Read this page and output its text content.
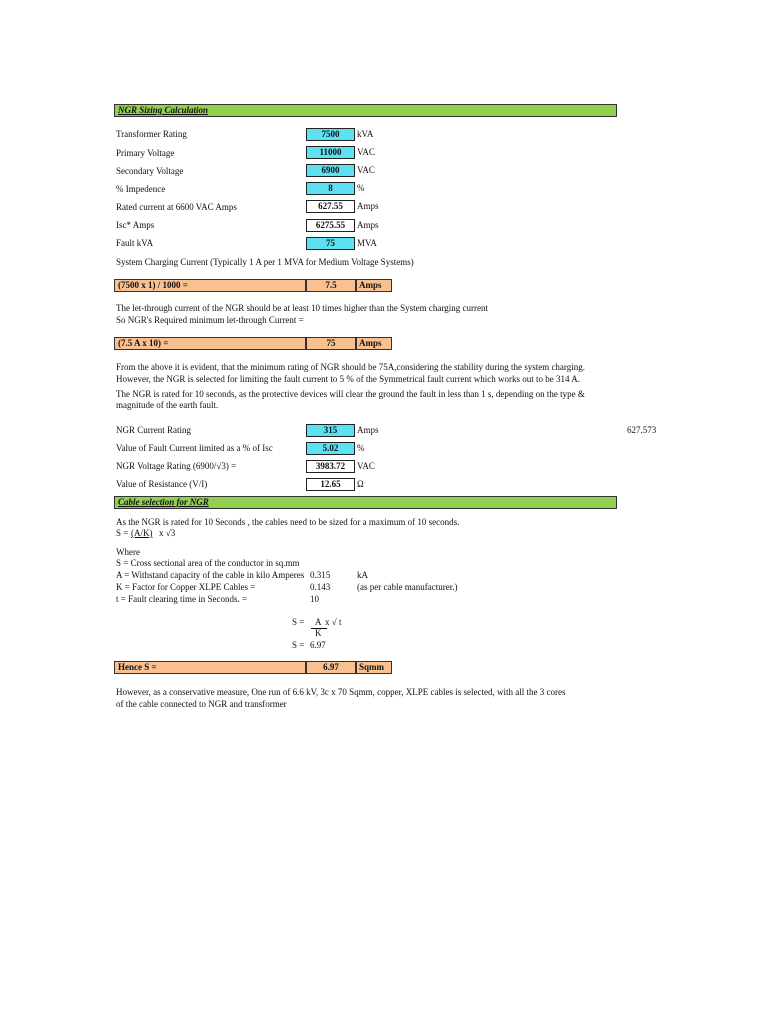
NGR Sizing Calculation
Transformer Rating	7500	kVA
Primary Voltage	11000	VAC
Secondary Voltage	6900	VAC
% Impedence	8	%
Rated current at 6600 VAC Amps	627.55	Amps
Isc* Amps	6275.55	Amps
Fault kVA	75	MVA
System Charging Current (Typically 1 A per 1 MVA for Medium Voltage Systems)
(7500 x 1) / 1000 =	7.5	Amps
The let-through current of the NGR should be at least 10 times higher than the System charging current
So NGR's Required minimum let-through Current =
(7.5 A x 10) =	75	Amps
From the above it is evident, that the minimum rating of NGR should be 75A,considering the stability during the system charging.
However, the NGR is selected for limiting the fault current to 5 % of the Symmetrical fault current which works out to be 314 A.
The NGR is rated for 10 seconds, as the protective devices will clear the ground the fault in less than 1 s, depending on the type &
magnitude of the earth fault.
NGR Current Rating	315	Amps	627.573
Value of Fault Current limited as a % of Isc	5.02	%
NGR Voltage Rating (6900/√3) =	3983.72	VAC
Value of Resistance (V/I)	12.65	Ω
Cable selection for NGR
As the NGR is rated for 10 Seconds , the cables need to be sized for a maximum of 10 seconds.
S = (A/K) x √3
Where
S = Cross sectional area of the conductor in sq.mm
A = Withstand capacity of the cable in kilo Amperes 0.315	kA
K = Factor for Copper XLPE Cables =	0.143	(as per cable manufacturer.)
t = Fault clearing time in Seconds. =	10
S = A x √ t
K
S = 6.97
Hence S =	6.97	Sqmm
However, as a conservative measure, One run of 6.6 kV, 3c x 70 Sqmm, copper, XLPE cables is selected, with all the 3 cores
of the cable connected to NGR and transformer
